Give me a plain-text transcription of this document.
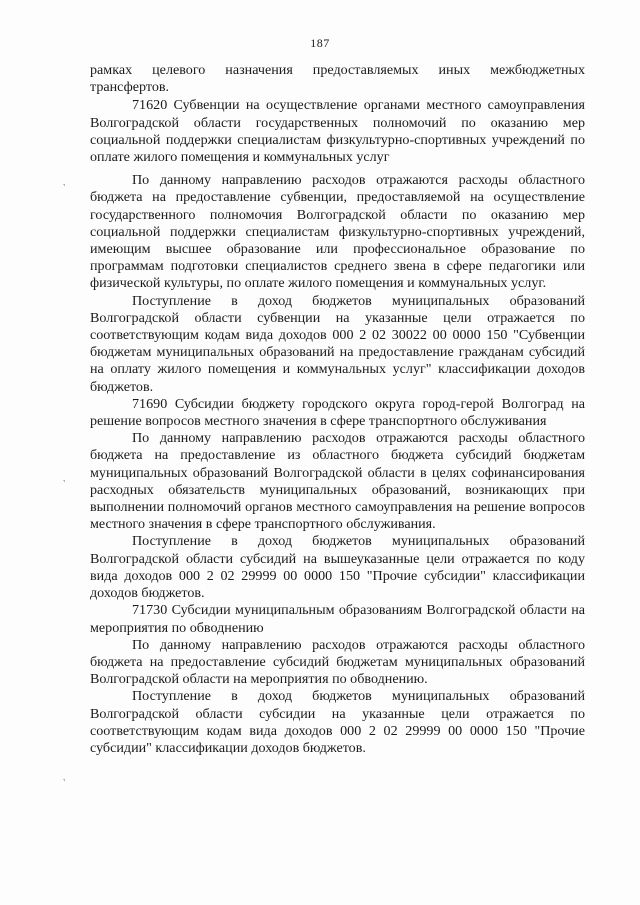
187
,
,
,

рамках целевого назначения предоставляемых иных межбюджетных трансфертов.

71620 Субвенции на осуществление органами местного самоуправления Волгоградской области государственных полномочий по оказанию мер социальной поддержки специалистам физкультурно-спортивных учреждений по оплате жилого помещения и коммунальных услуг

По данному направлению расходов отражаются расходы областного бюджета на предоставление субвенции, предоставляемой на осуществление государственного полномочия Волгоградской области по оказанию мер социальной поддержки специалистам физкультурно-спортивных учреждений, имеющим высшее образование или профессиональное образование по программам подготовки специалистов среднего звена в сфере педагогики или физической культуры, по оплате жилого помещения и коммунальных услуг.

Поступление в доход бюджетов муниципальных образований Волгоградской области субвенции на указанные цели отражается по соответствующим кодам вида доходов 000 2 02 30022 00 0000 150 "Субвенции бюджетам муниципальных образований на предоставление гражданам субсидий на оплату жилого помещения и коммунальных услуг" классификации доходов бюджетов.

71690 Субсидии бюджету городского округа город-герой Волгоград на решение вопросов местного значения в сфере транспортного обслуживания

По данному направлению расходов отражаются расходы областного бюджета на предоставление из областного бюджета субсидий бюджетам муниципальных образований Волгоградской области в целях софинансирования расходных обязательств муниципальных образований, возникающих при выполнении полномочий органов местного самоуправления на решение вопросов местного значения в сфере транспортного обслуживания.

Поступление в доход бюджетов муниципальных образований Волгоградской области субсидий на вышеуказанные цели отражается по коду вида доходов 000 2 02 29999 00 0000 150 "Прочие субсидии" классификации доходов бюджетов.

71730 Субсидии муниципальным образованиям Волгоградской области на мероприятия по обводнению

По данному направлению расходов отражаются расходы областного бюджета на предоставление субсидий бюджетам муниципальных образований Волгоградской области на мероприятия по обводнению.

Поступление в доход бюджетов муниципальных образований Волгоградской области субсидии на указанные цели отражается по соответствующим кодам вида доходов 000 2 02 29999 00 0000 150 "Прочие субсидии" классификации доходов бюджетов.
